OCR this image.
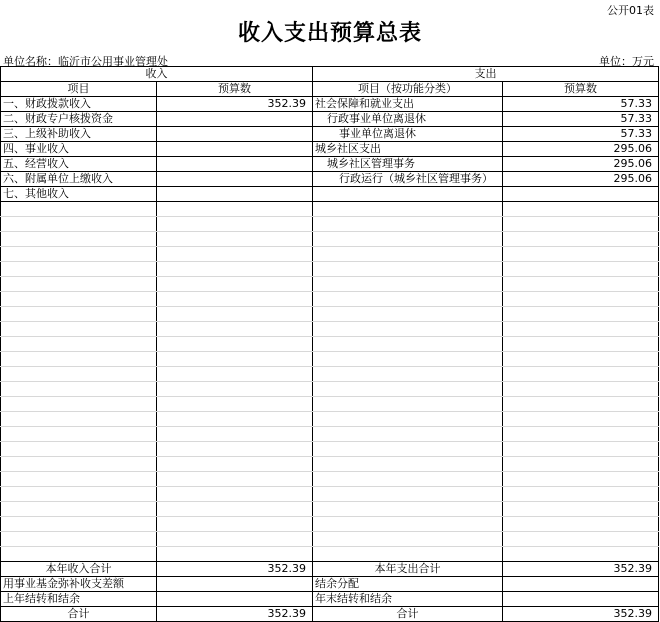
公开01表
收入支出预算总表
单位名称：临沂市公用事业管理处	单位：万元
收入		支出	
项目	预算数	项目（按功能分类）	预算数
一、财政拨款收入	352.39	社会保障和就业支出	57.33
二、财政专户核拨资金		行政事业单位离退休	57.33
三、上级补助收入		事业单位离退休	57.33
四、事业收入		城乡社区支出	295.06
五、经营收入		城乡社区管理事务	295.06
六、附属单位上缴收入		行政运行（城乡社区管理事务）	295.06
七、其他收入			

本年收入合计	352.39	本年支出合计	352.39
用事业基金弥补收支差额		结余分配	
上年结转和结余		年末结转和结余	
合计	352.39	合计	352.39
